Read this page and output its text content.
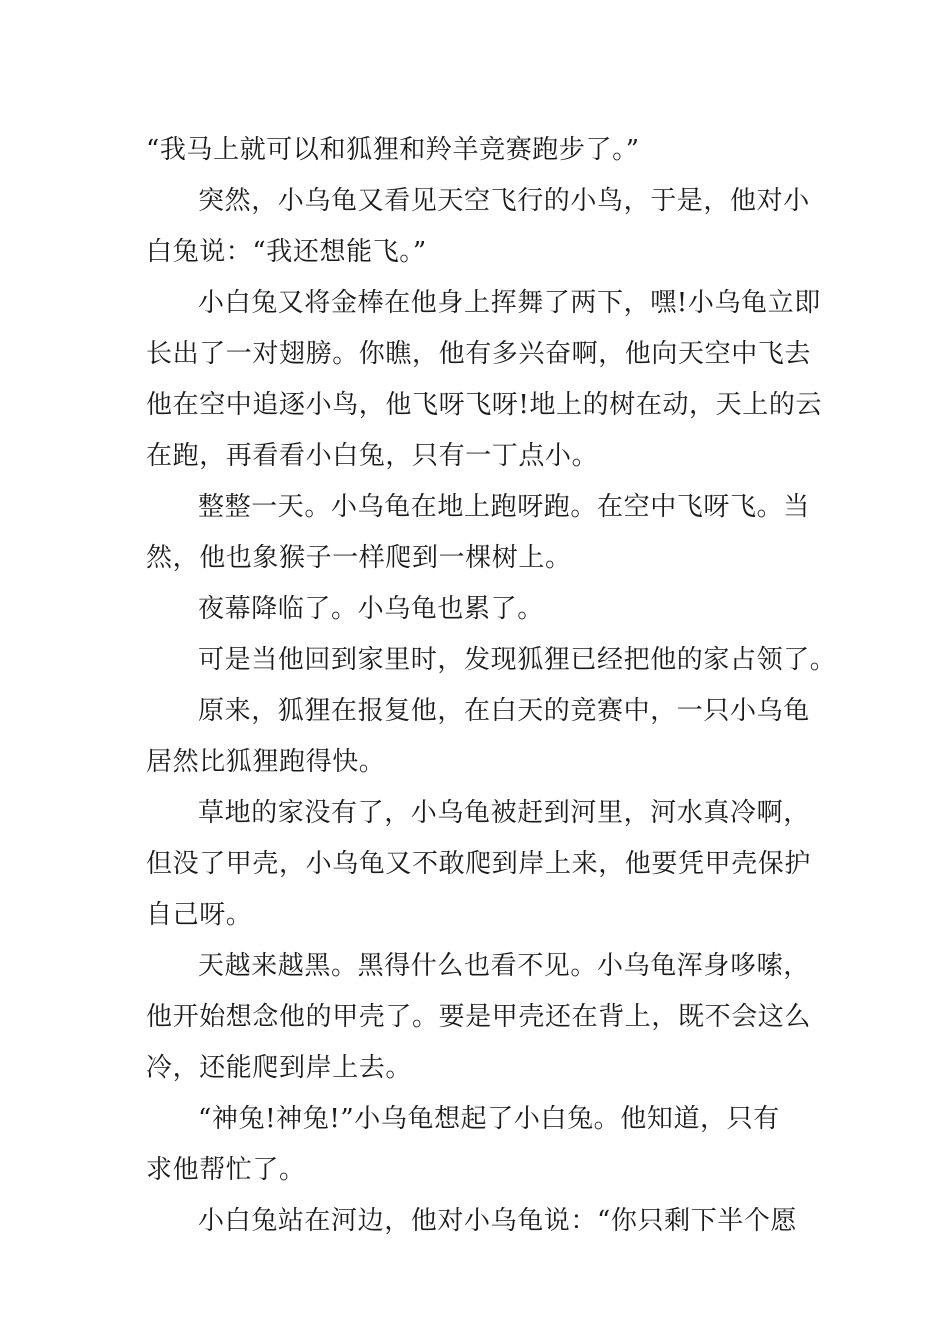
“我马上就可以和狐狸和羚羊竞赛跑步了。”

突然，小乌龟又看见天空飞行的小鸟，于是，他对小
白兔说：“我还想能飞。”

小白兔又将金棒在他身上挥舞了两下，嘿!小乌龟立即
长出了一对翅膀。你瞧，他有多兴奋啊，他向天空中飞去
他在空中追逐小鸟，他飞呀飞呀!地上的树在动，天上的云
在跑，再看看小白兔，只有一丁点小。

整整一天。小乌龟在地上跑呀跑。在空中飞呀飞。当
然，他也象猴子一样爬到一棵树上。

夜幕降临了。小乌龟也累了。

可是当他回到家里时，发现狐狸已经把他的家占领了。

原来，狐狸在报复他，在白天的竞赛中，一只小乌龟
居然比狐狸跑得快。

草地的家没有了，小乌龟被赶到河里，河水真冷啊，
但没了甲壳，小乌龟又不敢爬到岸上来，他要凭甲壳保护
自己呀。

天越来越黑。黑得什么也看不见。小乌龟浑身哆嗦，
他开始想念他的甲壳了。要是甲壳还在背上，既不会这么
冷，还能爬到岸上去。

“神兔!神兔!”小乌龟想起了小白兔。他知道，只有
求他帮忙了。

小白兔站在河边，他对小乌龟说：“你只剩下半个愿
